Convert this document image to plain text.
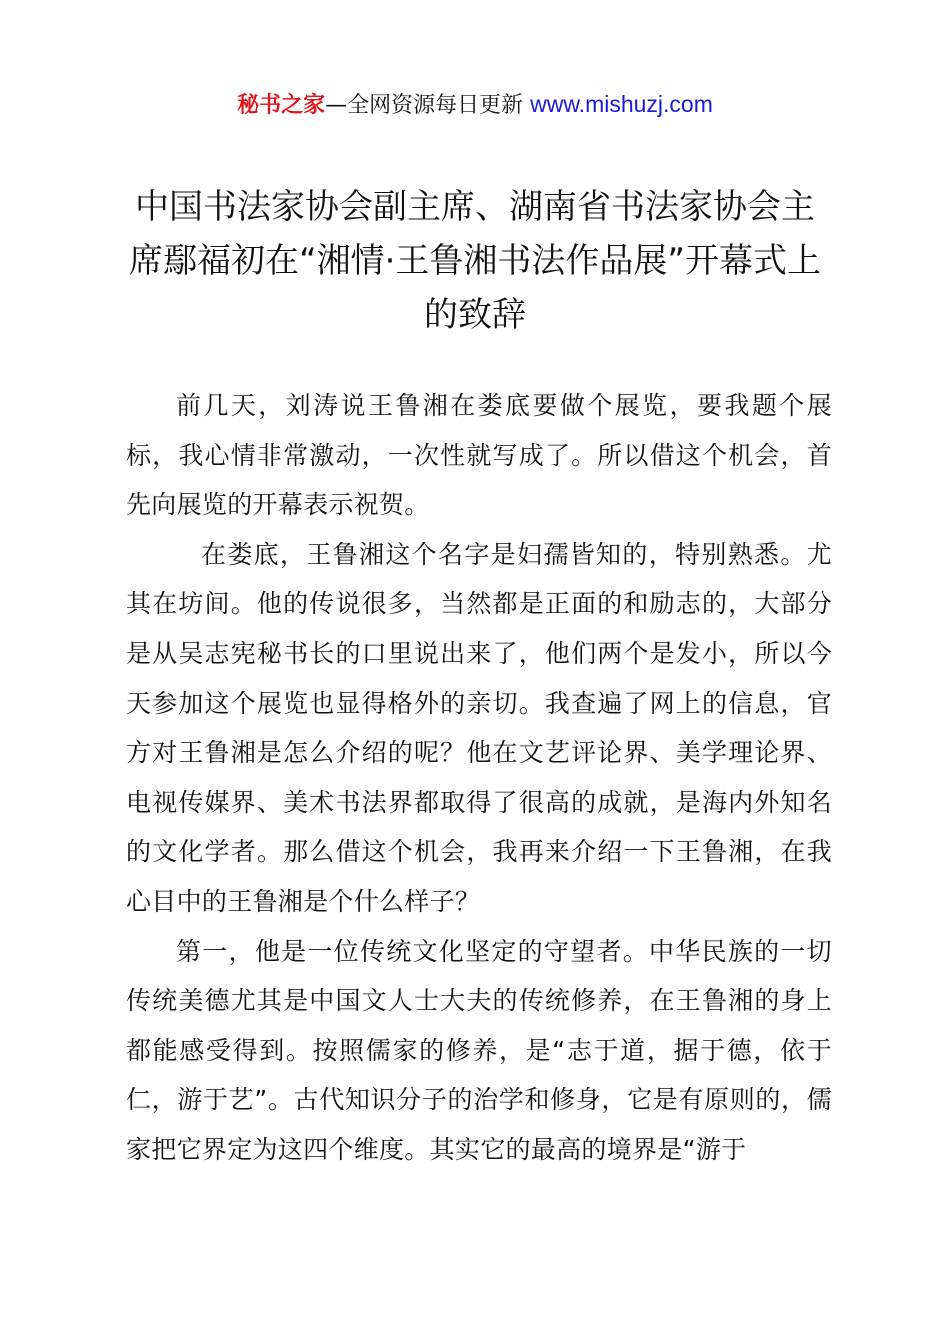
秘书之家—全网资源每日更新 www.mishuzj.com
中国书法家协会副主席、湖南省书法家协会主席鄢福初在“湘情·王鲁湘书法作品展”开幕式上的致辞

前几天，刘涛说王鲁湘在娄底要做个展览，要我题个展标，我心情非常激动，一次性就写成了。所以借这个机会，首先向展览的开幕表示祝贺。

在娄底，王鲁湘这个名字是妇孺皆知的，特别熟悉。尤其在坊间。他的传说很多，当然都是正面的和励志的，大部分是从吴志宪秘书长的口里说出来了，他们两个是发小，所以今天参加这个展览也显得格外的亲切。我查遍了网上的信息，官方对王鲁湘是怎么介绍的呢？他在文艺评论界、美学理论界、电视传媒界、美术书法界都取得了很高的成就，是海内外知名的文化学者。那么借这个机会，我再来介绍一下王鲁湘，在我心目中的王鲁湘是个什么样子？

第一，他是一位传统文化坚定的守望者。中华民族的一切传统美德尤其是中国文人士大夫的传统修养，在王鲁湘的身上都能感受得到。按照儒家的修养，是“志于道，据于德，依于仁，游于艺”。古代知识分子的治学和修身，它是有原则的，儒家把它界定为这四个维度。其实它的最高的境界是“游于
